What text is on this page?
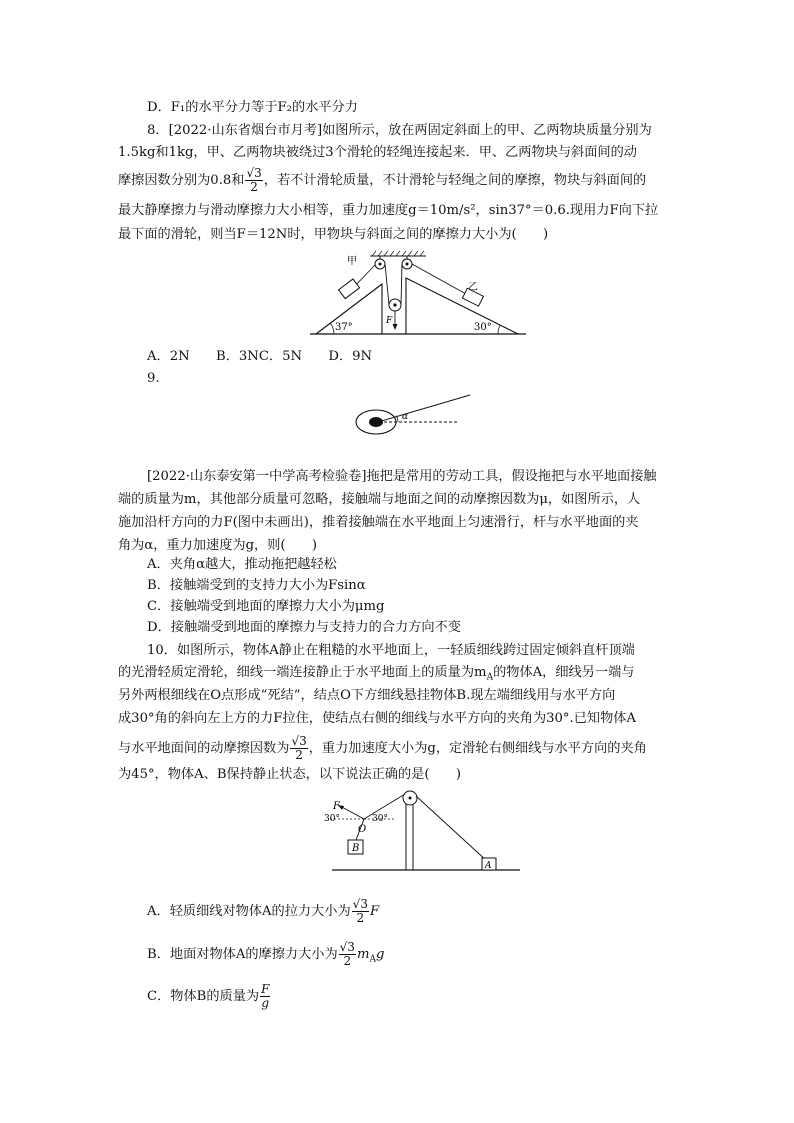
D．F₁的水平分力等于F₂的水平分力
8．[2022·山东省烟台市月考]如图所示，放在两固定斜面上的甲、乙两物块质量分别为
1.5kg和1kg，甲、乙两物块被绕过3个滑轮的轻绳连接起来．甲、乙两物块与斜面间的动
摩擦因数分别为0.8和 $\frac{√3}{2}$ ，若不计滑轮质量，不计滑轮与轻绳之间的摩擦，物块与斜面间的
最大静摩擦力与滑动摩擦力大小相等，重力加速度g＝10m/s²，sin37°＝0.6.现用力F向下拉
最下面的滑轮，则当F＝12N时，甲物块与斜面之间的摩擦力大小为(　　)
甲
乙
37°	30°
F
A．2N　　B．3NC．5N　　D．9N
9.
α
[2022·山东泰安第一中学高考检验卷]拖把是常用的劳动工具，假设拖把与水平地面接触
端的质量为m，其他部分质量可忽略，接触端与地面之间的动摩擦因数为μ，如图所示，人
施加沿杆方向的力F(图中未画出)，推着接触端在水平地面上匀速滑行，杆与水平地面的夹
角为α，重力加速度为g，则(　　)
A．夹角α越大，推动拖把越轻松
B．接触端受到的支持力大小为Fsinα
C．接触端受到地面的摩擦力大小为μmg
D．接触端受到地面的摩擦力与支持力的合力方向不变
10．如图所示，物体A静止在粗糙的水平地面上，一轻质细线跨过固定倾斜直杆顶端
的光滑轻质定滑轮，细线一端连接静止于水平地面上的质量为$m_A$的物体A，细线另一端与
另外两根细线在O点形成“死结”，结点O下方细线悬挂物体B.现左端细线用与水平方向
成30°角的斜向左上方的力F拉住，使结点右侧的细线与水平方向的夹角为30°.已知物体A
与水平地面间的动摩擦因数为 $\frac{√3}{2}$ ，重力加速度大小为g，定滑轮右侧细线与水平方向的夹角
为45°，物体A、B保持静止状态，以下说法正确的是(　　)
F
30°	30°
O
B
A
A．轻质细线对物体A的拉力大小为 $\frac{√3}{2}$ F
B．地面对物体A的摩擦力大小为 $\frac{√3}{2} m_Ag$
C．物体B的质量为 $\frac{F}{g}$
